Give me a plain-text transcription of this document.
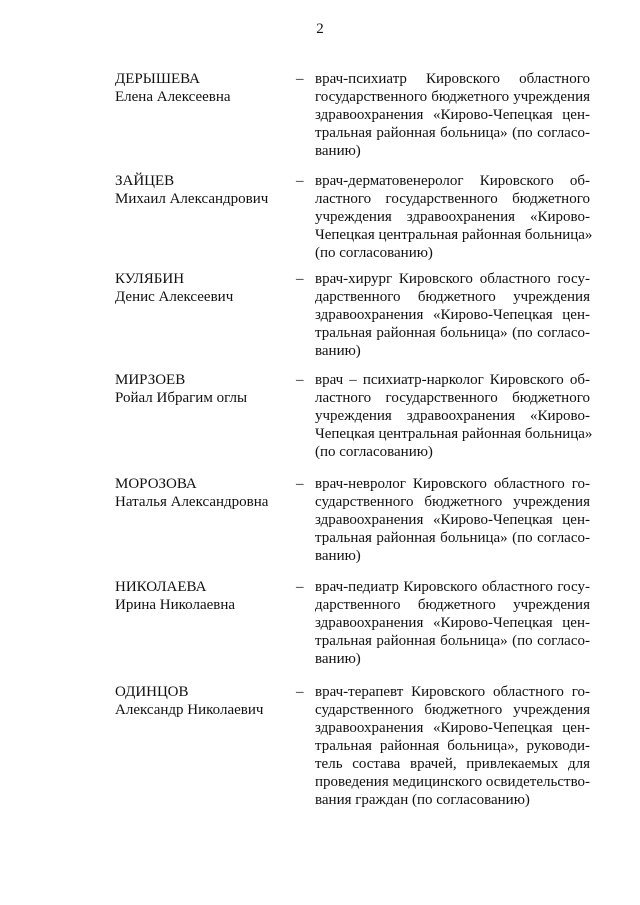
2
ДЕРЫШЕВА
Елена Алексеевна
– врач-психиатр Кировского областного
государственного бюджетного учреждения
здравоохранения «Кирово-Чепецкая цен-
тральная районная больница» (по согласо-
ванию)
ЗАЙЦЕВ
Михаил Александрович
– врач-дерматовенеролог Кировского об-
ластного государственного бюджетного
учреждения здравоохранения «Кирово-
Чепецкая центральная районная больница»
(по согласованию)
КУЛЯБИН
Денис Алексеевич
– врач-хирург Кировского областного госу-
дарственного бюджетного учреждения
здравоохранения «Кирово-Чепецкая цен-
тральная районная больница» (по согласо-
ванию)
МИРЗОЕВ
Ройал Ибрагим оглы
– врач – психиатр-нарколог Кировского об-
ластного государственного бюджетного
учреждения здравоохранения «Кирово-
Чепецкая центральная районная больница»
(по согласованию)
МОРОЗОВА
Наталья Александровна
– врач-невролог Кировского областного го-
сударственного бюджетного учреждения
здравоохранения «Кирово-Чепецкая цен-
тральная районная больница» (по согласо-
ванию)
НИКОЛАЕВА
Ирина Николаевна
– врач-педиатр Кировского областного госу-
дарственного бюджетного учреждения
здравоохранения «Кирово-Чепецкая цен-
тральная районная больница» (по согласо-
ванию)
ОДИНЦОВ
Александр Николаевич
– врач-терапевт Кировского областного го-
сударственного бюджетного учреждения
здравоохранения «Кирово-Чепецкая цен-
тральная районная больница», руководи-
тель состава врачей, привлекаемых для
проведения медицинского освидетельство-
вания граждан (по согласованию)
